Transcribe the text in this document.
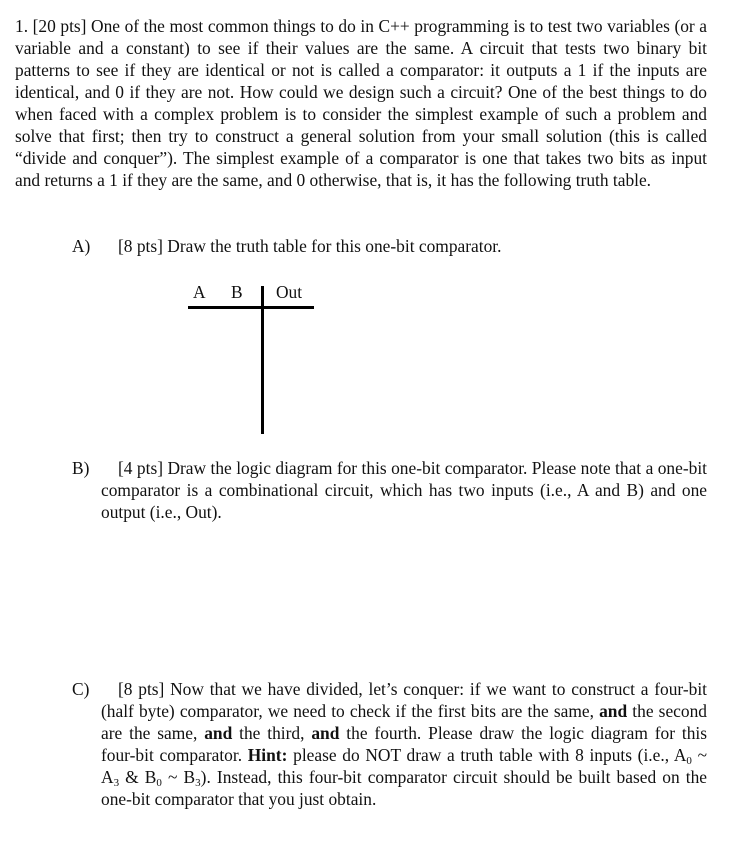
1. [20 pts] One of the most common things to do in C++ programming is to test two variables (or a variable and a constant) to see if their values are the same. A circuit that tests two binary bit patterns to see if they are identical or not is called a comparator: it outputs a 1 if the inputs are identical, and 0 if they are not. How could we design such a circuit? One of the best things to do when faced with a complex problem is to consider the simplest example of such a problem and solve that first; then try to construct a general solution from your small solution (this is called “divide and conquer”). The simplest example of a comparator is one that takes two bits as input and returns a 1 if they are the same, and 0 otherwise, that is, it has the following truth table.

A) [8 pts] Draw the truth table for this one-bit comparator.

A B Out
B)	[4 pts] Draw the logic diagram for this one-bit comparator. Please note that a one-bit comparator is a combinational circuit, which has two inputs (i.e., A and B) and one output (i.e., Out).

C)	[8 pts] Now that we have divided, let’s conquer: if we want to construct a four-bit (half byte) comparator, we need to check if the first bits are the same, and the second are the same, and the third, and the fourth. Please draw the logic diagram for this four-bit comparator. Hint: please do NOT draw a truth table with 8 inputs (i.e., $A_0$ ~ $A_3$ & $B_0$ ~ $B_3$). Instead, this four-bit comparator circuit should be built based on the one-bit comparator that you just obtain.
